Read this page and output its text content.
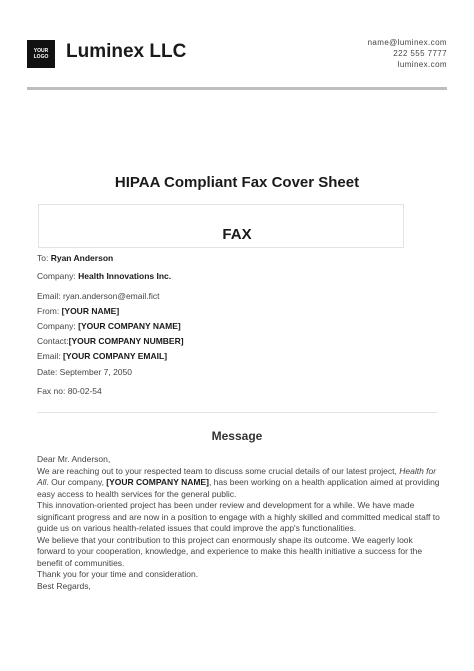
YOUR
LOGO Luminex LLC	name@luminex.com
222 555 7777
luminex.com
HIPAA Compliant Fax Cover Sheet
FAX
To: Ryan Anderson
Company: Health Innovations Inc.
Email: ryan.anderson@email.fict
From: [YOUR NAME]
Company: [YOUR COMPANY NAME]
Contact:[YOUR COMPANY NUMBER]
Email: [YOUR COMPANY EMAIL]
Date: September 7, 2050
Fax no: 80-02-54
Message

Dear Mr. Anderson,

We are reaching out to your respected team to discuss some crucial details of our latest project, Health for All. Our company, [YOUR COMPANY NAME], has been working on a health application aimed at providing easy access to health services for the general public.

This innovation-oriented project has been under review and development for a while. We have made significant progress and are now in a position to engage with a highly skilled and committed medical staff to guide us on various health-related issues that could improve the app's functionalities.

We believe that your contribution to this project can enormously shape its outcome. We eagerly look forward to your cooperation, knowledge, and experience to make this health initiative a success for the benefit of communities.

Thank you for your time and consideration.

Best Regards,
